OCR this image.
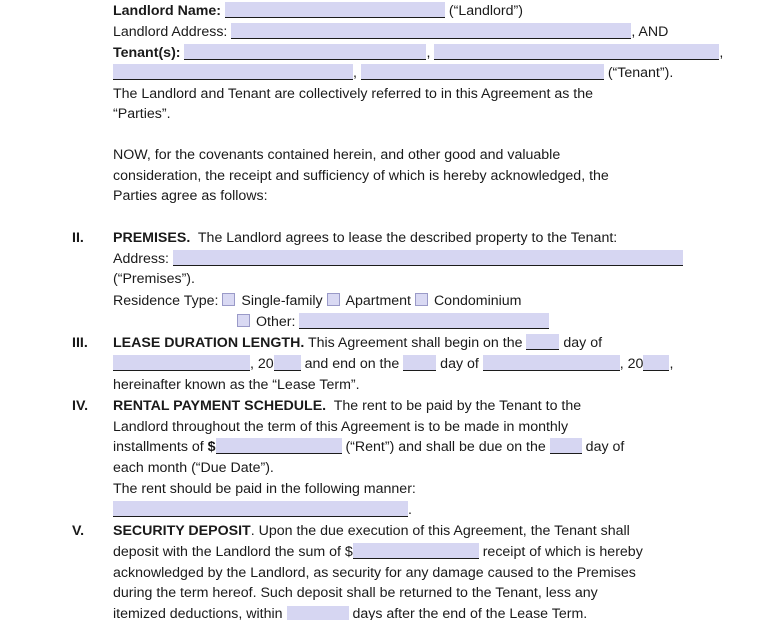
Landlord Name:	(“Landlord”)
Landlord Address:	, AND
Tenant(s):	,	,
,	(“Tenant”).
The Landlord and Tenant are collectively referred to in this Agreement as the
“Parties”.
NOW, for the covenants contained herein, and other good and valuable
consideration, the receipt and sufficiency of which is hereby acknowledged, the
Parties agree as follows:
II. PREMISES.  The Landlord agrees to lease the described property to the Tenant:
Address:
(“Premises”).
Residence Type: Single-family Apartment Condominium
Other:
III. LEASE DURATION LENGTH. This Agreement shall begin on the  day of
, 20 and end on the  day of	, 20 ,
hereinafter known as the “Lease Term”.
IV. RENTAL PAYMENT SCHEDULE.  The rent to be paid by the Tenant to the
Landlord throughout the term of this Agreement is to be made in monthly
installments of $	(“Rent”) and shall be due on the  day of
each month (“Due Date”).
The rent should be paid in the following manner:
.
V. SECURITY DEPOSIT. Upon the due execution of this Agreement, the Tenant shall
deposit with the Landlord the sum of $	receipt of which is hereby
acknowledged by the Landlord, as security for any damage caused to the Premises
during the term hereof. Such deposit shall be returned to the Tenant, less any
itemized deductions, within	days after the end of the Lease Term.
